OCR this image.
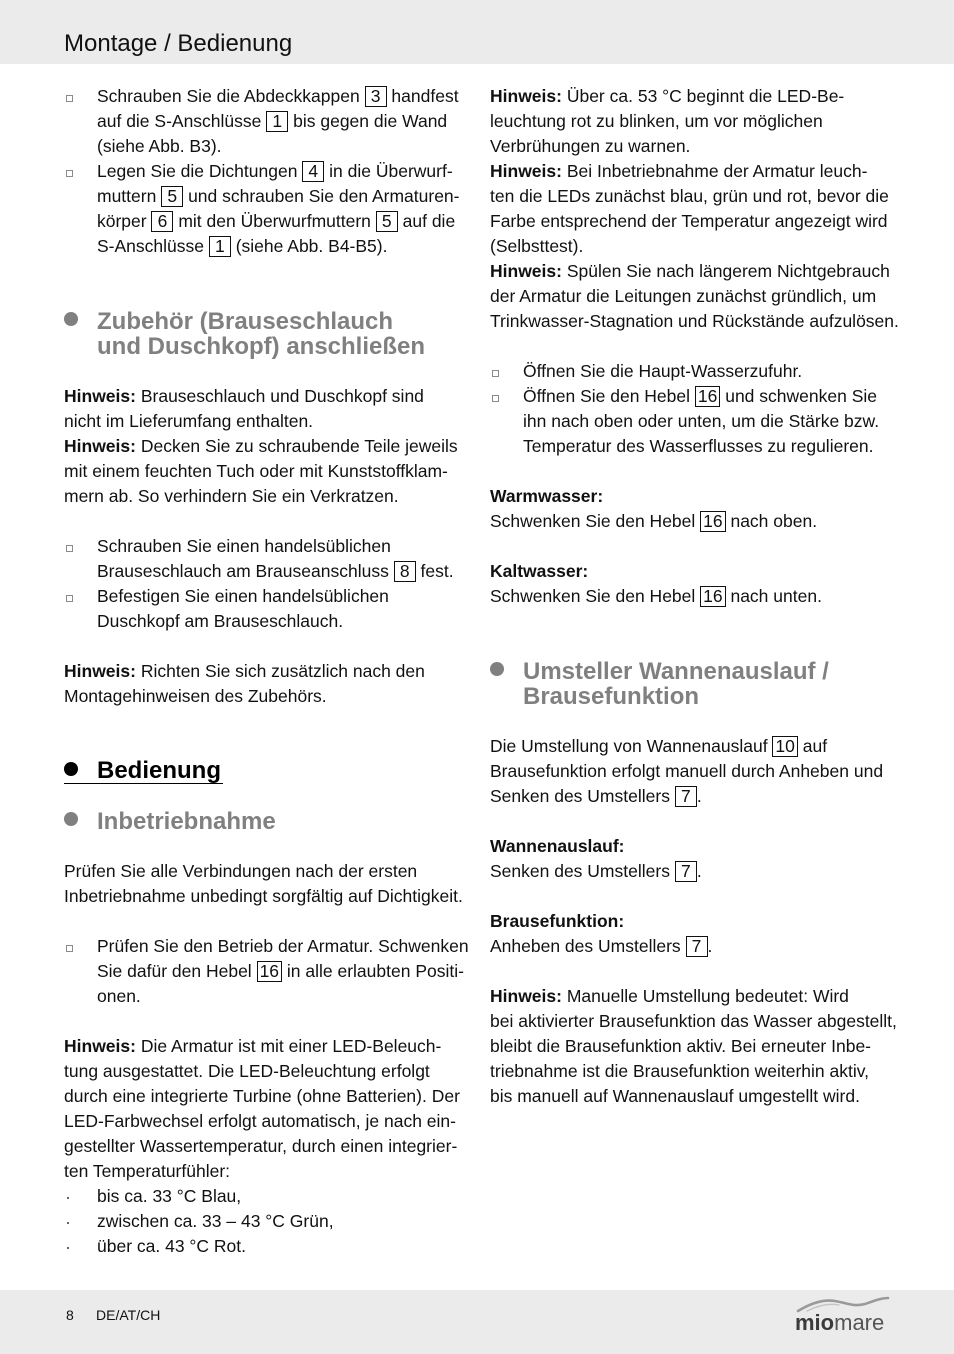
Montage / Bedienung
Schrauben Sie die Abdeckkappen 3 handfest
auf die S-Anschlüsse 1 bis gegen die Wand
(siehe Abb. B3).
Legen Sie die Dichtungen 4 in die Überwurf-
muttern 5 und schrauben Sie den Armaturen-
körper 6 mit den Überwurfmuttern 5 auf die
S-Anschlüsse 1 (siehe Abb. B4-B5).
Zubehör (Brauseschlauch
und Duschkopf) anschließen
Hinweis: Brauseschlauch und Duschkopf sind
nicht im Lieferumfang enthalten.
Hinweis: Decken Sie zu schraubende Teile jeweils
mit einem feuchten Tuch oder mit Kunststoffklam-
mern ab. So verhindern Sie ein Verkratzen.
Schrauben Sie einen handelsüblichen
Brauseschlauch am Brauseanschluss 8 fest.
Befestigen Sie einen handelsüblichen
Duschkopf am Brauseschlauch.
Hinweis: Richten Sie sich zusätzlich nach den
Montagehinweisen des Zubehörs.
Bedienung
Inbetriebnahme
Prüfen Sie alle Verbindungen nach der ersten
Inbetriebnahme unbedingt sorgfältig auf Dichtigkeit.
Prüfen Sie den Betrieb der Armatur. Schwenken
Sie dafür den Hebel 16 in alle erlaubten Positi-
onen.
Hinweis: Die Armatur ist mit einer LED-Beleuch-
tung ausgestattet. Die LED-Beleuchtung erfolgt
durch eine integrierte Turbine (ohne Batterien). Der
LED-Farbwechsel erfolgt automatisch, je nach ein-
gestellter Wassertemperatur, durch einen integrier-
ten Temperaturfühler:
bis ca. 33 °C Blau,
zwischen ca. 33 – 43 °C Grün,
über ca. 43 °C Rot.
Hinweis: Über ca. 53 °C beginnt die LED-Be-
leuchtung rot zu blinken, um vor möglichen
Verbrühungen zu warnen.
Hinweis: Bei Inbetriebnahme der Armatur leuch-
ten die LEDs zunächst blau, grün und rot, bevor die
Farbe entsprechend der Temperatur angezeigt wird
(Selbsttest).
Hinweis: Spülen Sie nach längerem Nichtgebrauch
der Armatur die Leitungen zunächst gründlich, um
Trinkwasser-Stagnation und Rückstände aufzulösen.
Öffnen Sie die Haupt-Wasserzufuhr.
Öffnen Sie den Hebel 16 und schwenken Sie
ihn nach oben oder unten, um die Stärke bzw.
Temperatur des Wasserflusses zu regulieren.
Warmwasser:
Schwenken Sie den Hebel 16 nach oben.
Kaltwasser:
Schwenken Sie den Hebel 16 nach unten.
Umsteller Wannenauslauf /
Brausefunktion
Die Umstellung von Wannenauslauf 10 auf
Brausefunktion erfolgt manuell durch Anheben und
Senken des Umstellers 7 .
Wannenauslauf:
Senken des Umstellers 7 .
Brausefunktion:
Anheben des Umstellers 7 .
Hinweis: Manuelle Umstellung bedeutet: Wird
bei aktivierter Brausefunktion das Wasser abgestellt,
bleibt die Brausefunktion aktiv. Bei erneuter Inbe-
triebnahme ist die Brausefunktion weiterhin aktiv,
bis manuell auf Wannenauslauf umgestellt wird.
8 DE/AT/CH	miomare
